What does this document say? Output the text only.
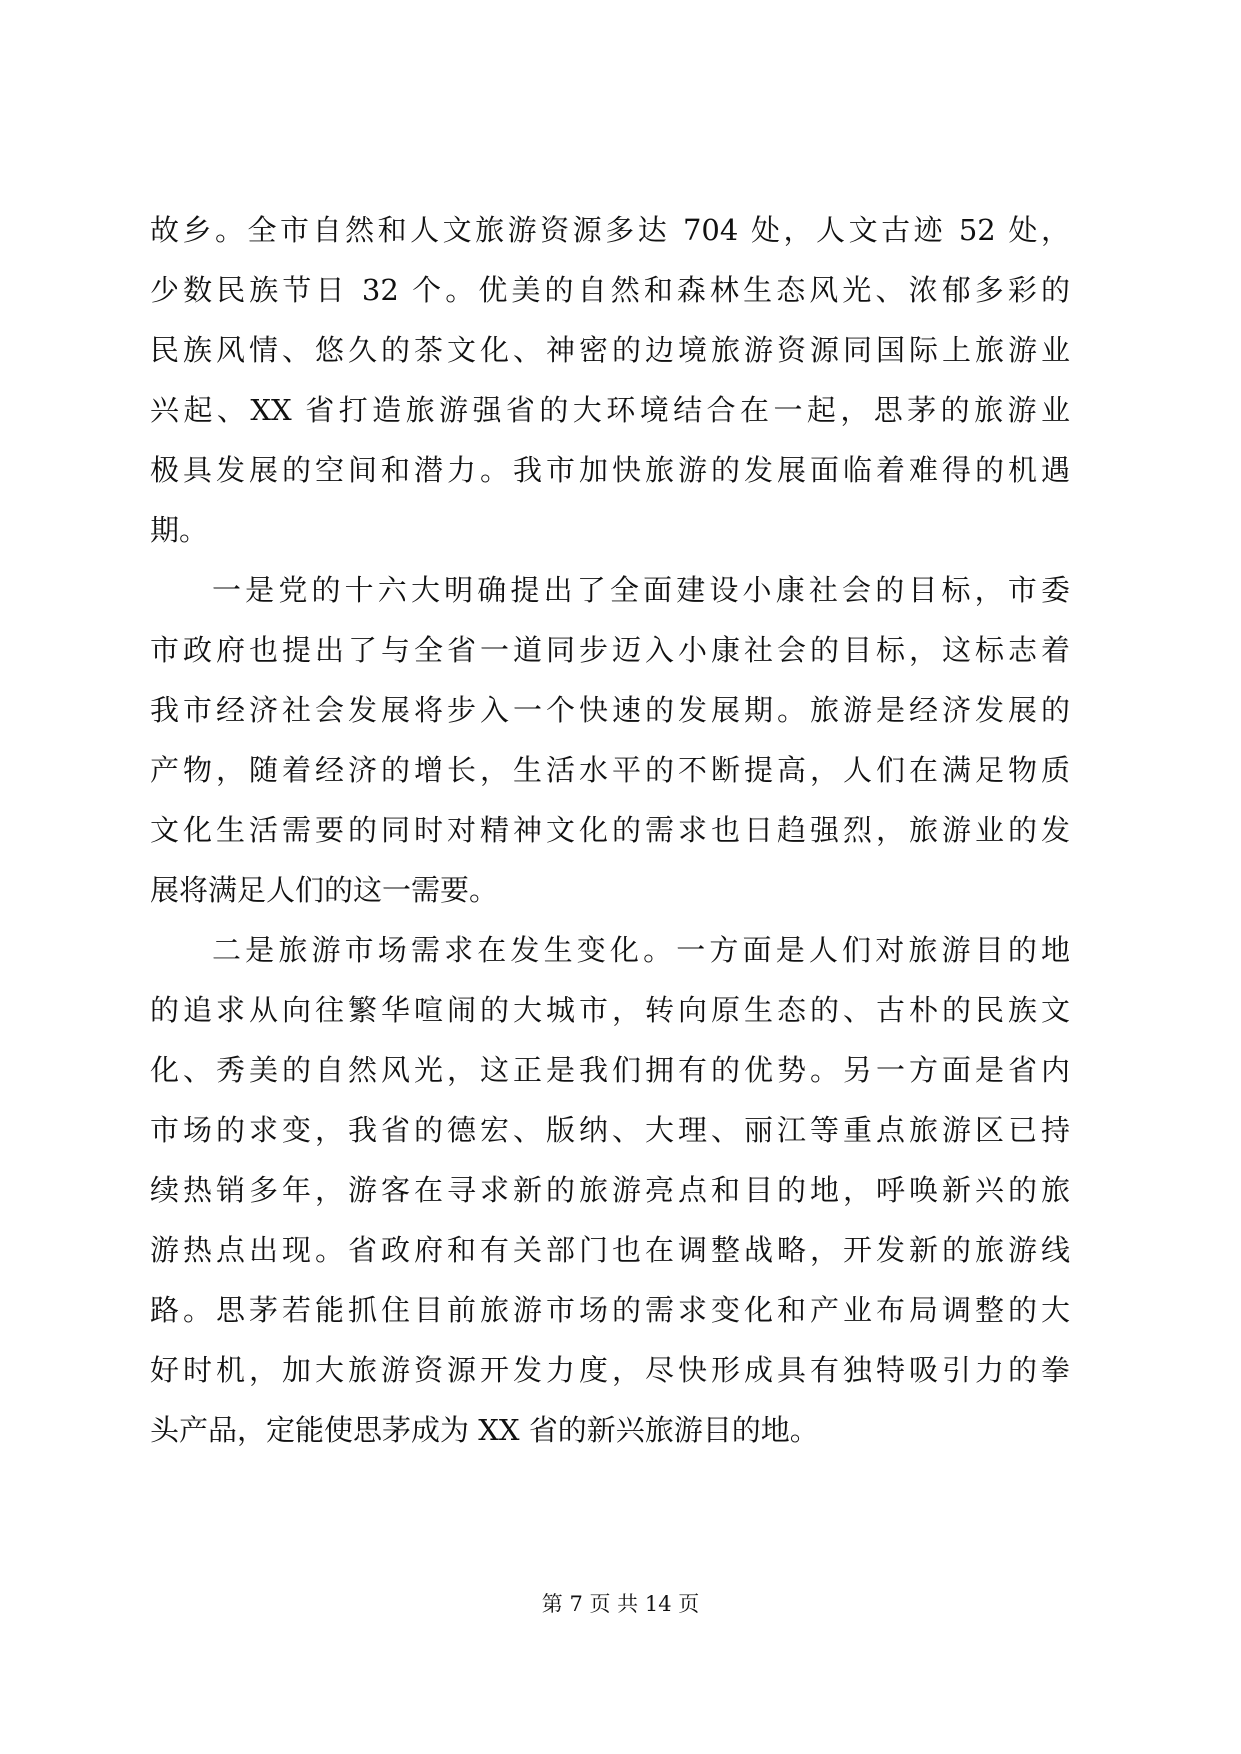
故乡。全市自然和人文旅游资源多达 704 处，人文古迹 52 处，
少数民族节日 32 个。优美的自然和森林生态风光、浓郁多彩的
民族风情、悠久的茶文化、神密的边境旅游资源同国际上旅游业
兴起、XX 省打造旅游强省的大环境结合在一起，思茅的旅游业
极具发展的空间和潜力。我市加快旅游的发展面临着难得的机遇
期。
一是党的十六大明确提出了全面建设小康社会的目标，市委
市政府也提出了与全省一道同步迈入小康社会的目标，这标志着
我市经济社会发展将步入一个快速的发展期。旅游是经济发展的
产物，随着经济的增长，生活水平的不断提高，人们在满足物质
文化生活需要的同时对精神文化的需求也日趋强烈，旅游业的发
展将满足人们的这一需要。
二是旅游市场需求在发生变化。一方面是人们对旅游目的地
的追求从向往繁华喧闹的大城市，转向原生态的、古朴的民族文
化、秀美的自然风光，这正是我们拥有的优势。另一方面是省内
市场的求变，我省的德宏、版纳、大理、丽江等重点旅游区已持
续热销多年，游客在寻求新的旅游亮点和目的地，呼唤新兴的旅
游热点出现。省政府和有关部门也在调整战略，开发新的旅游线
路。思茅若能抓住目前旅游市场的需求变化和产业布局调整的大
好时机，加大旅游资源开发力度，尽快形成具有独特吸引力的拳
头产品，定能使思茅成为 XX 省的新兴旅游目的地。
第 7 页 共 14 页
